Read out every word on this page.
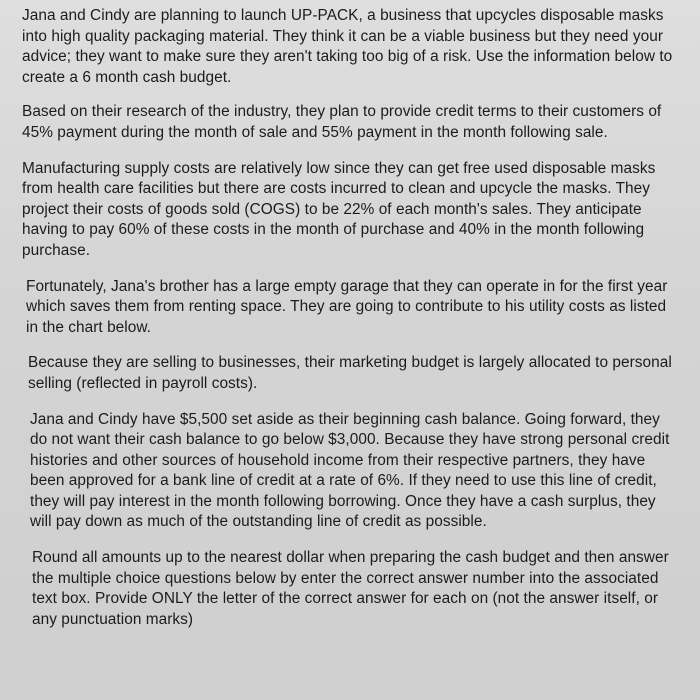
Jana and Cindy are planning to launch UP-PACK, a business that upcycles disposable masks into high quality packaging material. They think it can be a viable business but they need your advice; they want to make sure they aren't taking too big of a risk. Use the information below to create a 6 month cash budget.

Based on their research of the industry, they plan to provide credit terms to their customers of 45% payment during the month of sale and 55% payment in the month following sale.

Manufacturing supply costs are relatively low since they can get free used disposable masks from health care facilities but there are costs incurred to clean and upcycle the masks. They project their costs of goods sold (COGS) to be 22% of each month's sales. They anticipate having to pay 60% of these costs in the month of purchase and 40% in the month following purchase.

Fortunately, Jana's brother has a large empty garage that they can operate in for the first year which saves them from renting space. They are going to contribute to his utility costs as listed in the chart below.

Because they are selling to businesses, their marketing budget is largely allocated to personal selling (reflected in payroll costs).

Jana and Cindy have $5,500 set aside as their beginning cash balance. Going forward, they do not want their cash balance to go below $3,000. Because they have strong personal credit histories and other sources of household income from their respective partners, they have been approved for a bank line of credit at a rate of 6%. If they need to use this line of credit, they will pay interest in the month following borrowing. Once they have a cash surplus, they will pay down as much of the outstanding line of credit as possible.

Round all amounts up to the nearest dollar when preparing the cash budget and then answer the multiple choice questions below by enter the correct answer number into the associated text box. Provide ONLY the letter of the correct answer for each on (not the answer itself, or any punctuation marks)
